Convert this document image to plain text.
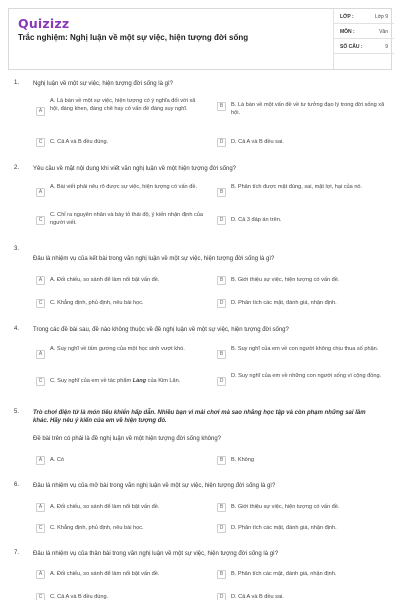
Quizizz
Trắc nghiệm: Nghị luận về một sự việc, hiện tượng đời sống
LỚP :	Lớp 9
MÔN :	Văn
SỐ CÂU :	9
1. Nghị luận về một sự việc, hiện tượng đời sống là gì?
A
A. Là bàn về một sự việc, hiện tượng có ý nghĩa đối với xã hội, đáng khen, đáng chê hay có vấn đề đáng suy nghĩ.	B	B. Là bàn về một vấn đề về tư tưởng đạo lý trong đời sống xã hội.
C	C. Cả A và B đều đúng.	D	D. Cả A và B đều sai.
2. Yêu cầu về mặt nội dung khi viết văn nghị luận về một hiện tượng đời sống?
A
A. Bài viết phải nêu rõ được sự việc, hiện tượng có vấn đề.
B
B. Phân tích được mặt đúng, sai, mặt lợi, hại của nó.
C
C. Chỉ ra nguyên nhân và bày tỏ thái độ, ý kiến nhận định của người viết.	D	D. Cả 3 đáp án trên.
3.
Đâu là nhiệm vụ của kết bài trong văn nghị luận về một sự việc, hiện tượng đời sống là gì?
A	A. Đối chiếu, so sánh để làm nổi bật vấn đề.	B	B. Giới thiệu sự việc, hiện tượng có vấn đề.
C	C. Khẳng định, phủ định, nêu bài học.	D	D. Phân tích các mặt, đánh giá, nhận định.
4. Trong các đề bài sau, đề nào không thuộc về đề nghị luận về một sự việc, hiện tượng đời sống?
A
A. Suy nghĩ về tấm gương của một học sinh vượt khó.
B
B. Suy nghĩ của em về con người không chịu thua số phận.
C	C. Suy nghĩ của em về tác phẩm Làng của Kim Lân.	D
D. Suy nghĩ của em về những con người sống vì cộng đồng.
5. Trò chơi điện tử là món tiêu khiển hấp dẫn. Nhiều bạn vì mải chơi mà sao nhãng học tập và còn phạm những sai lầm khác. Hãy nêu ý kiến của em về hiện tượng đó.
Đề bài trên có phải là đề nghị luận về một hiện tượng đời sống không?
A	A. Có	B	B. Không
6. Đâu là nhiệm vụ của mở bài trong văn nghị luận về một sự việc, hiện tượng đời sống là gì?
A	A. Đối chiếu, so sánh để làm nổi bật vấn đề.	B	B. Giới thiệu sự việc, hiện tượng có vấn đề.
C	C. Khẳng định, phủ định, nêu bài học.	D	D. Phân tích các mặt, đánh giá, nhận định.
7. Đâu là nhiệm vụ của thân bài trong văn nghị luận về một sự việc, hiện tượng đời sống là gì?
A	A. Đối chiếu, so sánh để làm nổi bật vấn đề.	B	B. Phân tích các mặt, đánh giá, nhận định.
C	C. Cả A và B đều đúng.	D	D. Cả A và B đều sai.
